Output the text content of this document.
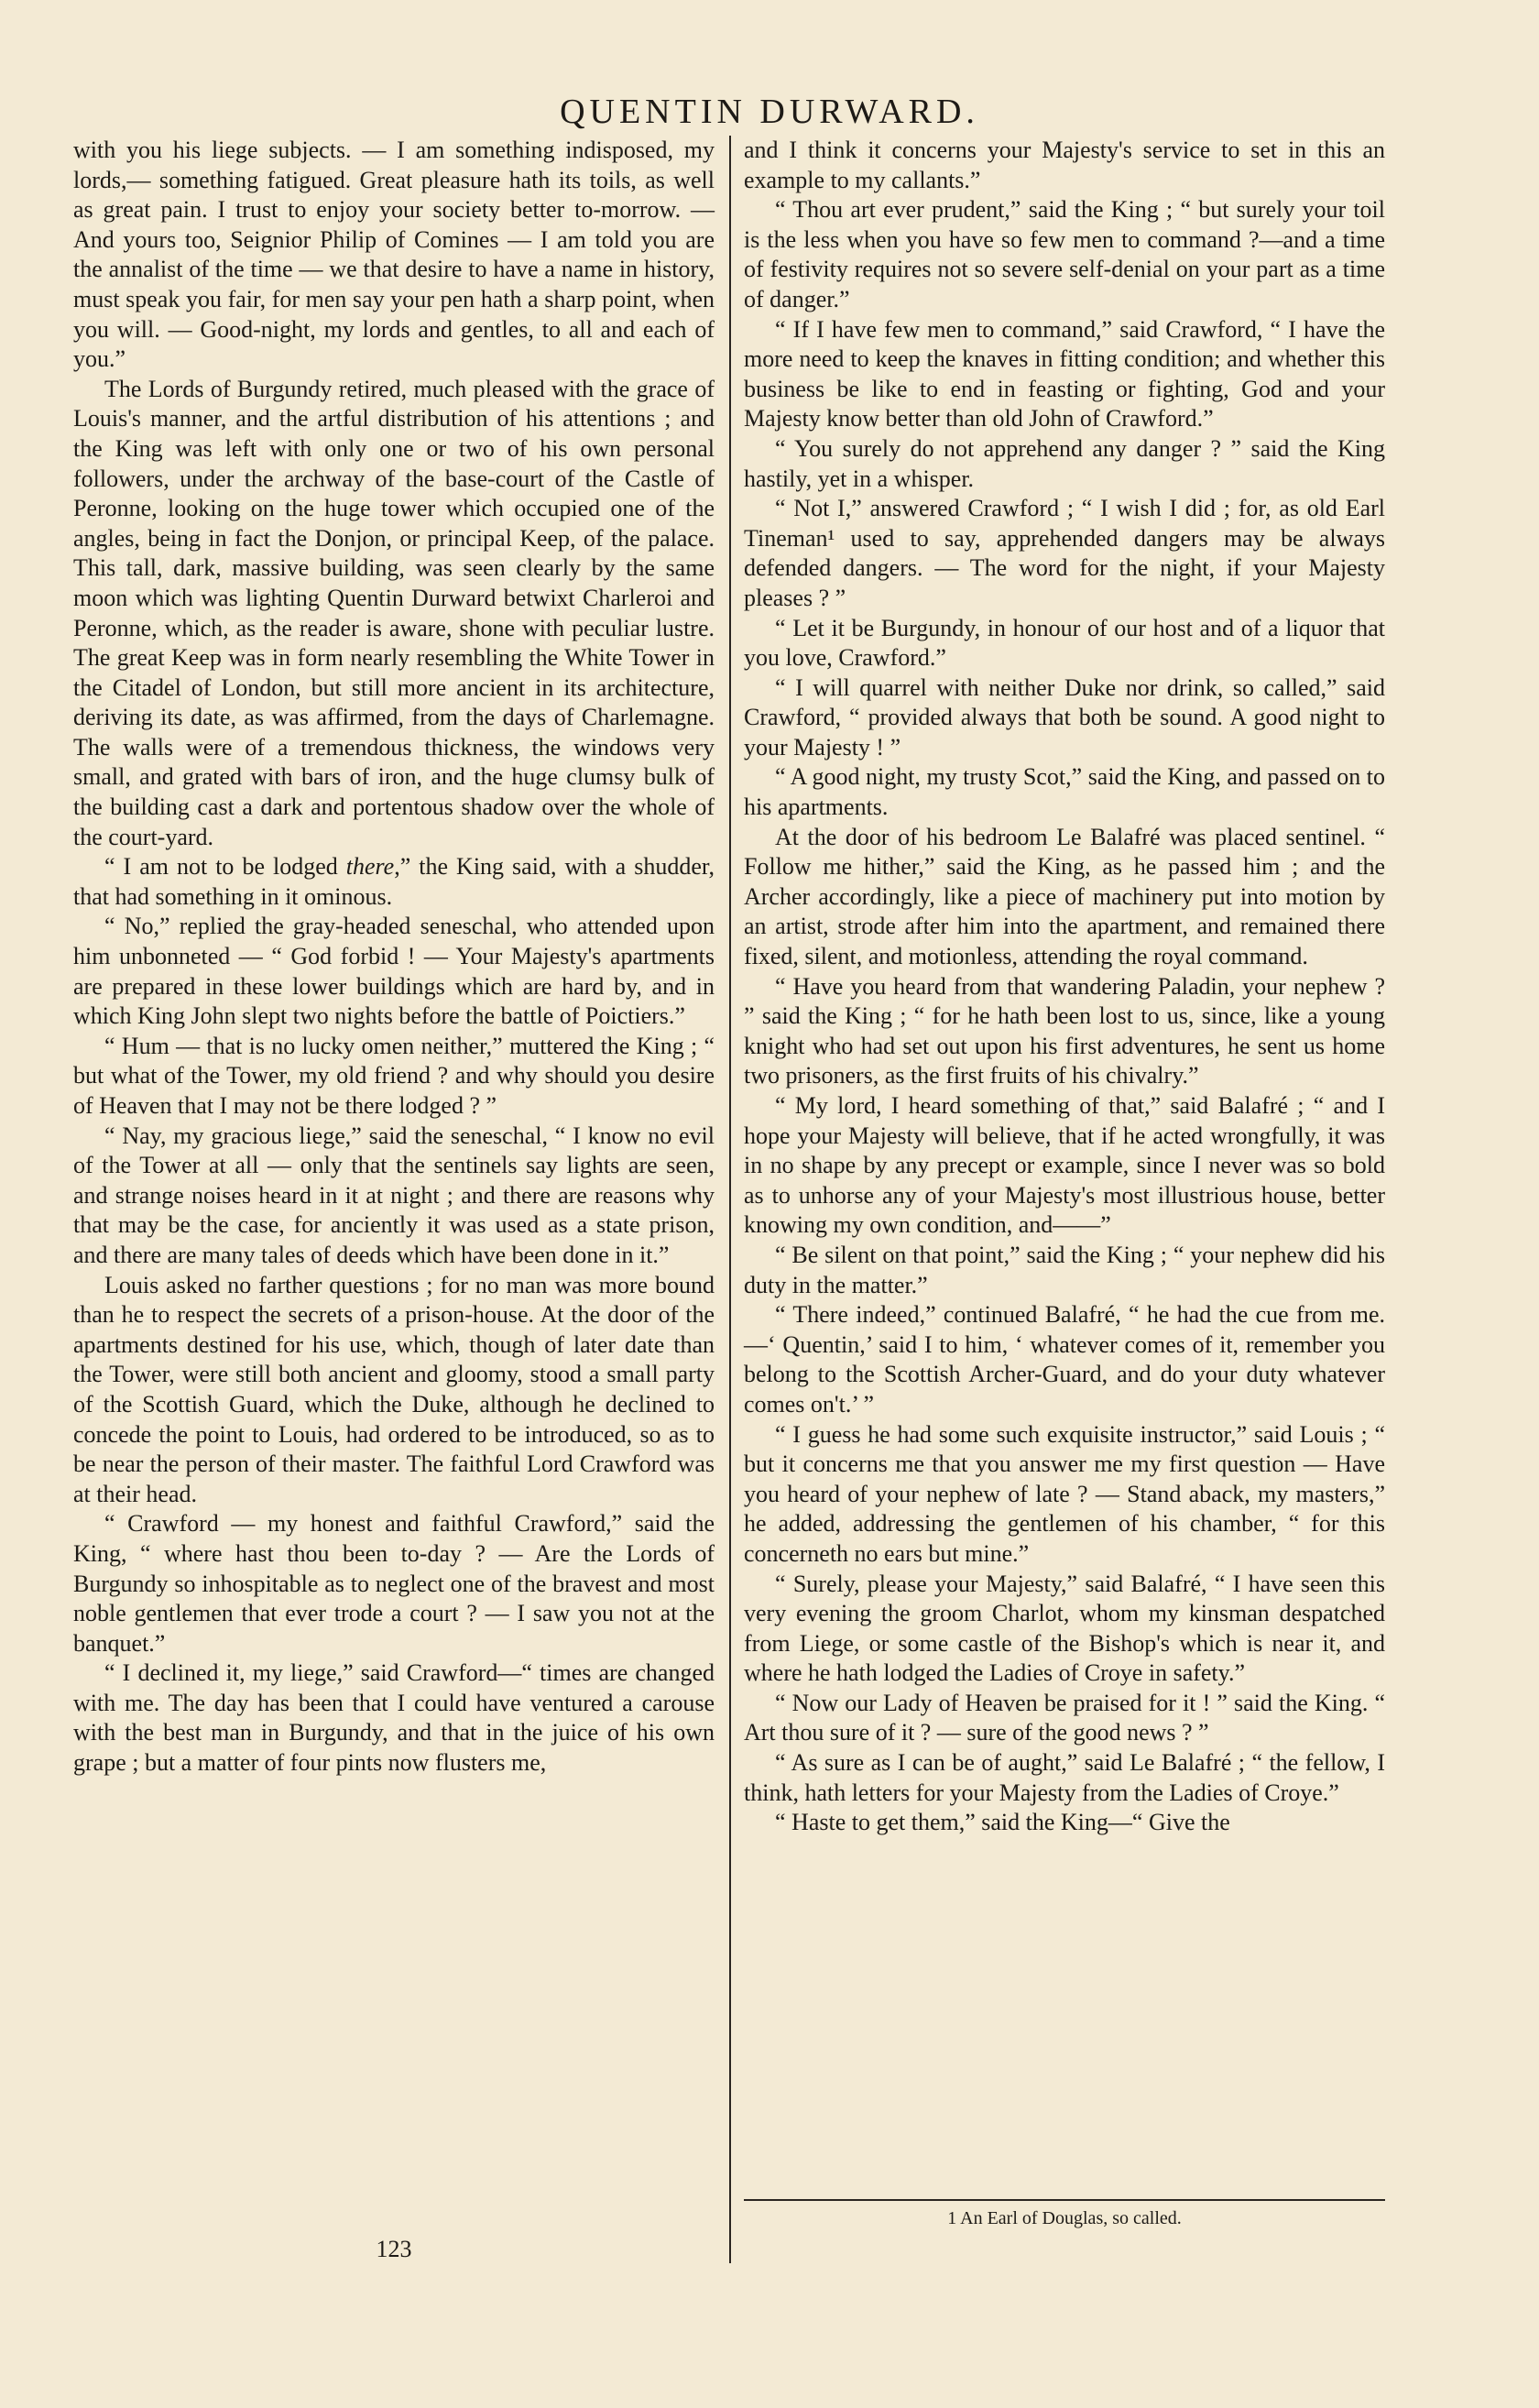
QUENTIN DURWARD.

with you his liege subjects. — I am something indisposed, my lords,— something fatigued. Great pleasure hath its toils, as well as great pain. I trust to enjoy your society better to-morrow. — And yours too, Seignior Philip of Comines — I am told you are the annalist of the time — we that desire to have a name in history, must speak you fair, for men say your pen hath a sharp point, when you will. — Good-night, my lords and gentles, to all and each of you.”

The Lords of Burgundy retired, much pleased with the grace of Louis's manner, and the artful distribution of his attentions ; and the King was left with only one or two of his own personal followers, under the archway of the base-court of the Castle of Peronne, looking on the huge tower which occupied one of the angles, being in fact the Donjon, or principal Keep, of the palace. This tall, dark, massive building, was seen clearly by the same moon which was lighting Quentin Durward betwixt Charleroi and Peronne, which, as the reader is aware, shone with peculiar lustre. The great Keep was in form nearly resembling the White Tower in the Citadel of London, but still more ancient in its architecture, deriving its date, as was affirmed, from the days of Charlemagne. The walls were of a tremendous thickness, the windows very small, and grated with bars of iron, and the huge clumsy bulk of the building cast a dark and portentous shadow over the whole of the court-yard.

“ I am not to be lodged there,” the King said, with a shudder, that had something in it ominous.

“ No,” replied the gray-headed seneschal, who attended upon him unbonneted — “ God forbid ! — Your Majesty's apartments are prepared in these lower buildings which are hard by, and in which King John slept two nights before the battle of Poictiers.”

“ Hum — that is no lucky omen neither,” muttered the King ; “ but what of the Tower, my old friend ? and why should you desire of Heaven that I may not be there lodged ? ”

“ Nay, my gracious liege,” said the seneschal, “ I know no evil of the Tower at all — only that the sentinels say lights are seen, and strange noises heard in it at night ; and there are reasons why that may be the case, for anciently it was used as a state prison, and there are many tales of deeds which have been done in it.”

Louis asked no farther questions ; for no man was more bound than he to respect the secrets of a prison-house. At the door of the apartments destined for his use, which, though of later date than the Tower, were still both ancient and gloomy, stood a small party of the Scottish Guard, which the Duke, although he declined to concede the point to Louis, had ordered to be introduced, so as to be near the person of their master. The faithful Lord Crawford was at their head.

“ Crawford — my honest and faithful Crawford,” said the King, “ where hast thou been to-day ? — Are the Lords of Burgundy so inhospitable as to neglect one of the bravest and most noble gentlemen that ever trode a court ? — I saw you not at the banquet.”

“ I declined it, my liege,” said Crawford—“ times are changed with me. The day has been that I could have ventured a carouse with the best man in Burgundy, and that in the juice of his own grape ; but a matter of four pints now flusters me,

and I think it concerns your Majesty's service to set in this an example to my callants.”

“ Thou art ever prudent,” said the King ; “ but surely your toil is the less when you have so few men to command ?—and a time of festivity requires not so severe self-denial on your part as a time of danger.”

“ If I have few men to command,” said Crawford, “ I have the more need to keep the knaves in fitting condition; and whether this business be like to end in feasting or fighting, God and your Majesty know better than old John of Crawford.”

“ You surely do not apprehend any danger ? ” said the King hastily, yet in a whisper.

“ Not I,” answered Crawford ; “ I wish I did ; for, as old Earl Tineman¹ used to say, apprehended dangers may be always defended dangers. — The word for the night, if your Majesty pleases ? ”

“ Let it be Burgundy, in honour of our host and of a liquor that you love, Crawford.”

“ I will quarrel with neither Duke nor drink, so called,” said Crawford, “ provided always that both be sound. A good night to your Majesty ! ”

“ A good night, my trusty Scot,” said the King, and passed on to his apartments.

At the door of his bedroom Le Balafré was placed sentinel. “ Follow me hither,” said the King, as he passed him ; and the Archer accordingly, like a piece of machinery put into motion by an artist, strode after him into the apartment, and remained there fixed, silent, and motionless, attending the royal command.

“ Have you heard from that wandering Paladin, your nephew ? ” said the King ; “ for he hath been lost to us, since, like a young knight who had set out upon his first adventures, he sent us home two prisoners, as the first fruits of his chivalry.”

“ My lord, I heard something of that,” said Balafré ; “ and I hope your Majesty will believe, that if he acted wrongfully, it was in no shape by any precept or example, since I never was so bold as to unhorse any of your Majesty's most illustrious house, better knowing my own condition, and——”

“ Be silent on that point,” said the King ; “ your nephew did his duty in the matter.”

“ There indeed,” continued Balafré, “ he had the cue from me.—‘ Quentin,’ said I to him, ‘ whatever comes of it, remember you belong to the Scottish Archer-Guard, and do your duty whatever comes on't.’ ”

“ I guess he had some such exquisite instructor,” said Louis ; “ but it concerns me that you answer me my first question — Have you heard of your nephew of late ? — Stand aback, my masters,” he added, addressing the gentlemen of his chamber, “ for this concerneth no ears but mine.”

“ Surely, please your Majesty,” said Balafré, “ I have seen this very evening the groom Charlot, whom my kinsman despatched from Liege, or some castle of the Bishop's which is near it, and where he hath lodged the Ladies of Croye in safety.”

“ Now our Lady of Heaven be praised for it ! ” said the King. “ Art thou sure of it ? — sure of the good news ? ”

“ As sure as I can be of aught,” said Le Balafré ; “ the fellow, I think, hath letters for your Majesty from the Ladies of Croye.”

“ Haste to get them,” said the King—“ Give the

1 An Earl of Douglas, so called.
123
